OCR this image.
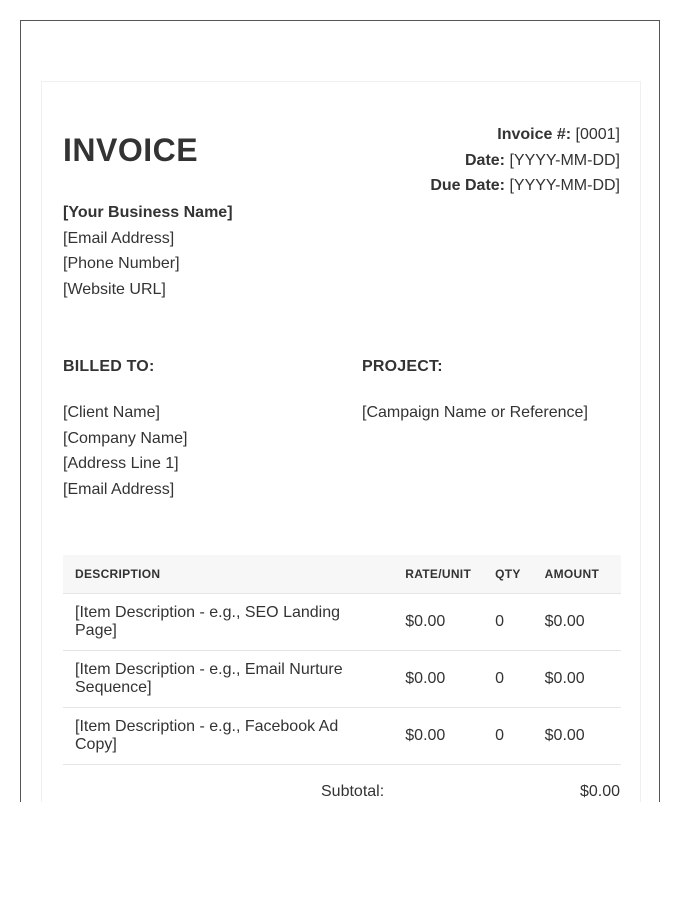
INVOICE	Invoice #: [0001]
Date: [YYYY-MM-DD]
Due Date: [YYYY-MM-DD]
[Your Business Name]
[Email Address]
[Phone Number]
[Website URL]
BILLED TO:	PROJECT:
[Client Name]
[Company Name]
[Address Line 1]
[Email Address]
[Campaign Name or Reference]
DESCRIPTION	RATE/UNIT	QTY	AMOUNT
[Item Description - e.g., SEO Landing Page]	$0.00	0	$0.00
[Item Description - e.g., Email Nurture Sequence]	$0.00	0	$0.00
[Item Description - e.g., Facebook Ad Copy]	$0.00	0	$0.00
Subtotal:	$0.00
